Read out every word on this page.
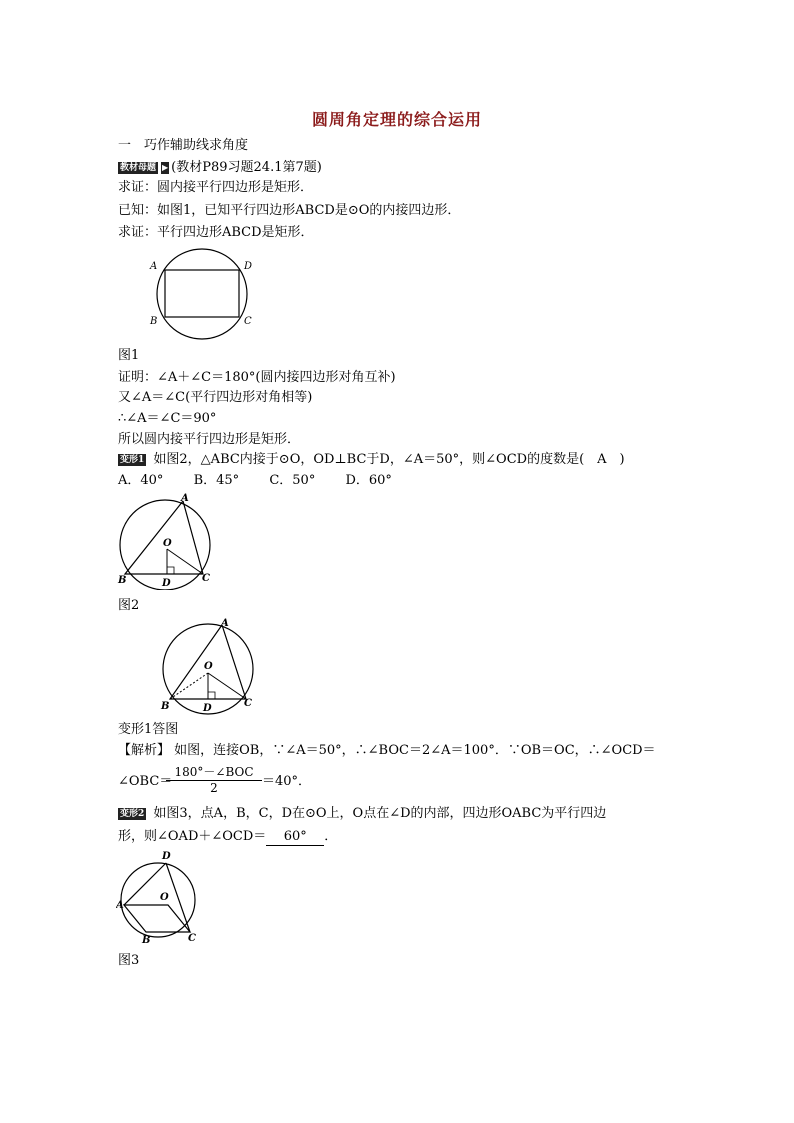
圆周角定理的综合运用
一　巧作辅助线求角度
教材母题 ▶ (教材P89习题24.1第7题)
求证：圆内接平行四边形是矩形．
已知：如图1，已知平行四边形ABCD是⊙O的内接四边形．
求证：平行四边形ABCD是矩形．
A	D
B	C
图1
证明：∠A＋∠C＝180°(圆内接四边形对角互补)
又∠A＝∠C(平行四边形对角相等)
∴∠A＝∠C＝90°
所以圆内接平行四边形是矩形．
变形1 如图2，△ABC内接于⊙O，OD⊥BC于D，∠A＝50°，则∠OCD的度数是(　A　)
A．40°   B．45°   C．50°   D．60°
A
O
B	D	C
图2
A
O
B	D	C
变形1答图
【解析】 如图，连接OB，∵∠A＝50°，∴∠BOC＝2∠A＝100°．∵OB＝OC，∴∠OCD＝
∠OBC＝
180°－∠BOC
2	＝40°．
变形2 如图3，点A，B，C，D在⊙O上，O点在∠D的内部，四边形OABC为平行四边
形，则∠OAD＋∠OCD＝ 60° ．
D
O
A
B	C
图3
